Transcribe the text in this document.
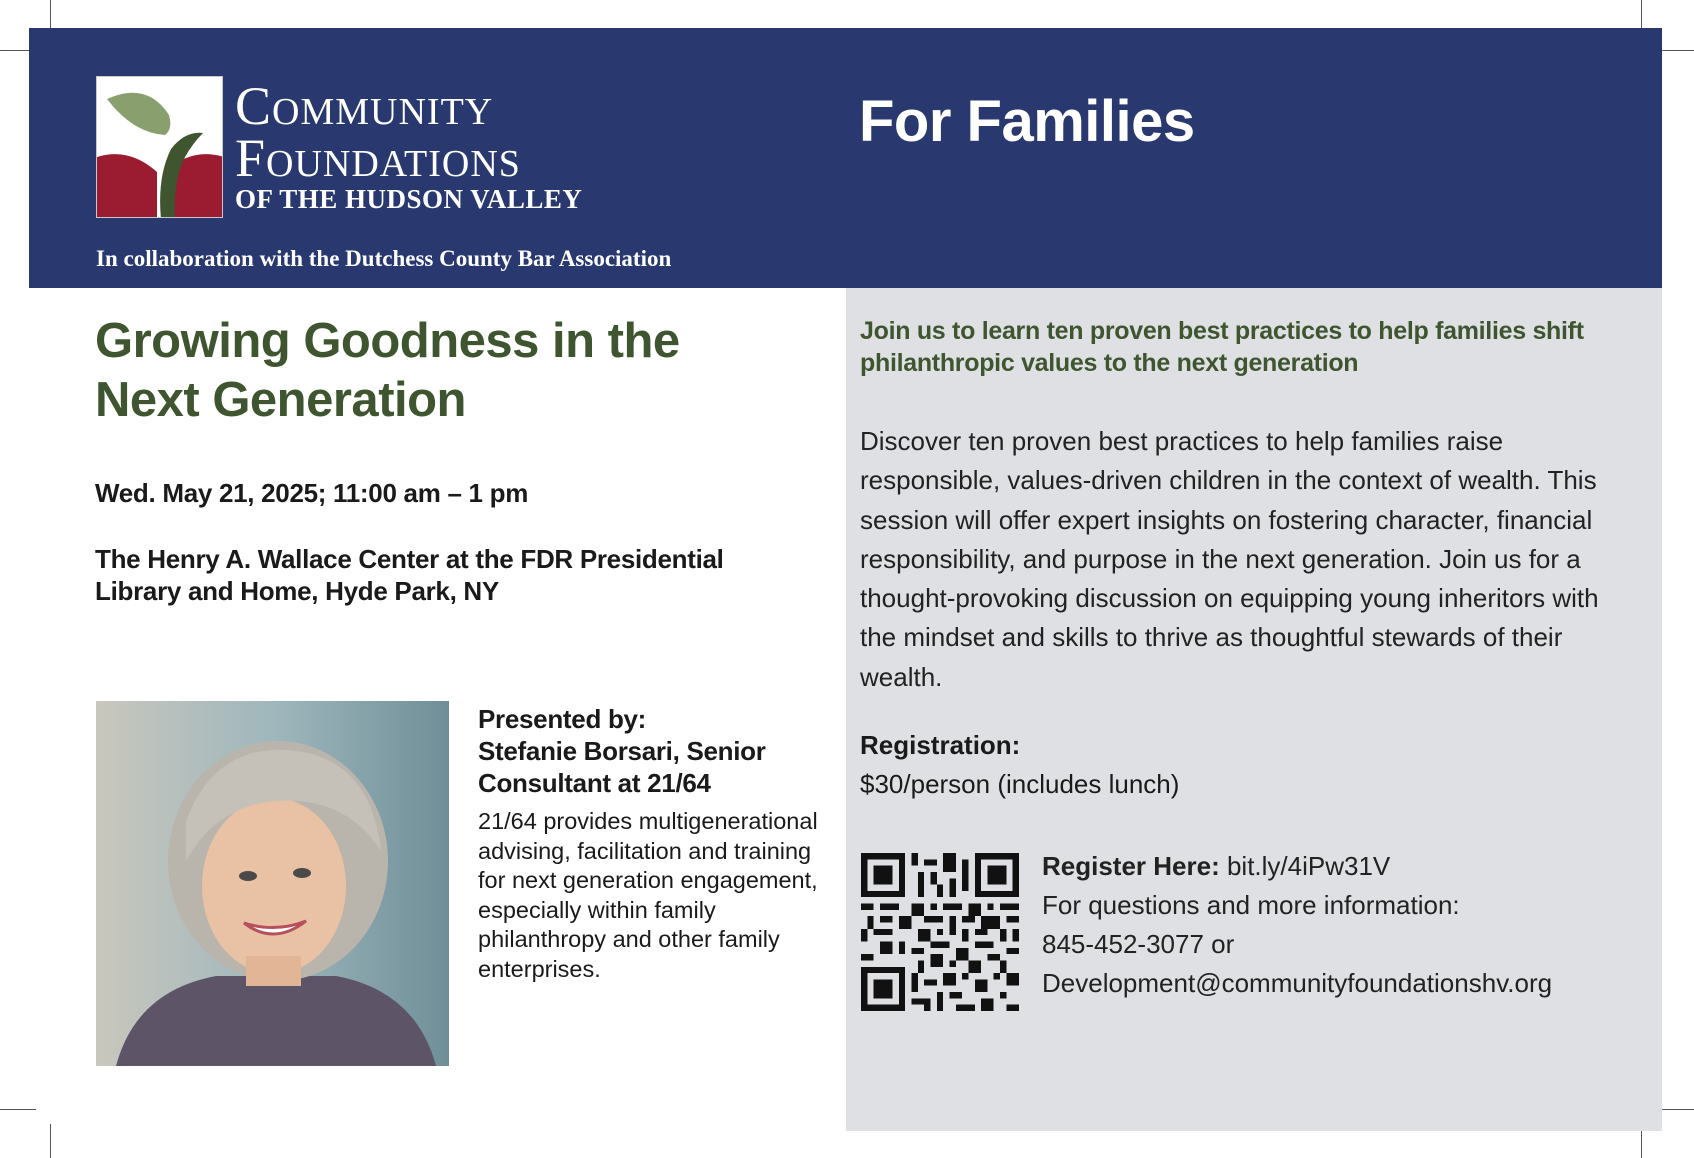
Community
Foundations
OF THE HUDSON VALLEY
In collaboration with the Dutchess County Bar Association
For Families
Growing Goodness in the Next Generation
Wed. May 21, 2025; 11:00 am – 1 pm
The Henry A. Wallace Center at the FDR Presidential Library and Home, Hyde Park, NY
Presented by:
Stefanie Borsari, Senior Consultant at 21/64
21/64 provides multigenerational advising, facilitation and training for next generation engagement, especially within family philanthropy and other family enterprises.
Join us to learn ten proven best practices to help families shift philanthropic values to the next generation
Discover ten proven best practices to help families raise responsible, values-driven children in the context of wealth. This session will offer expert insights on fostering character, financial responsibility, and purpose in the next generation. Join us for a thought-provoking discussion on equipping young inheritors with the mindset and skills to thrive as thoughtful stewards of their wealth.
Registration:
$30/person (includes lunch)
Register Here: bit.ly/4iPw31V
For questions and more information:
845-452-3077 or
Development@communityfoundationshv.org
